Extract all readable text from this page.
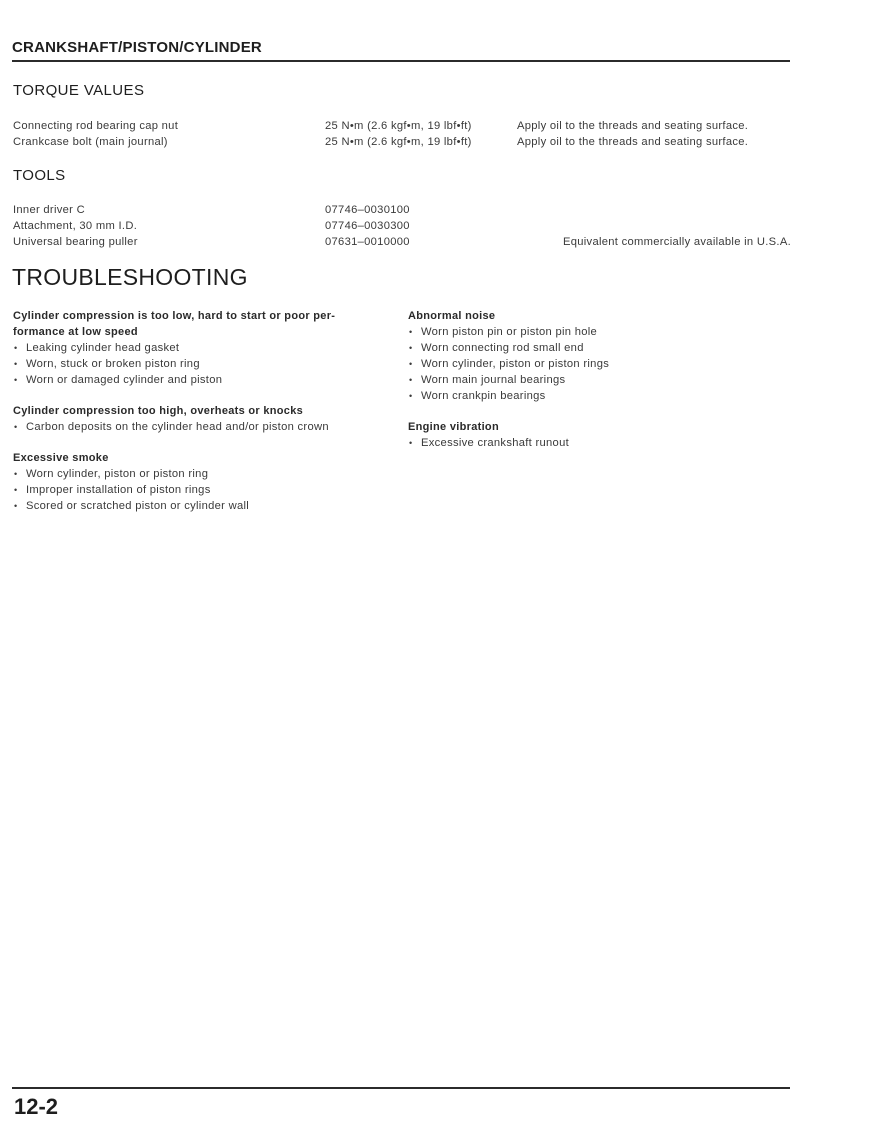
CRANKSHAFT/PISTON/CYLINDER
TORQUE VALUES
Connecting rod bearing cap nut	25 N•m (2.6 kgf•m, 19 lbf•ft)	Apply oil to the threads and seating surface.
Crankcase bolt (main journal)	25 N•m (2.6 kgf•m, 19 lbf•ft)	Apply oil to the threads and seating surface.
TOOLS
Inner driver C	07746–0030100
Attachment, 30 mm I.D.	07746–0030300
Universal bearing puller	07631–0010000	Equivalent commercially available in U.S.A.
TROUBLESHOOTING
Cylinder compression is too low, hard to start or poor per-
formance at low speed
• Leaking cylinder head gasket
• Worn, stuck or broken piston ring
• Worn or damaged cylinder and piston
Cylinder compression too high, overheats or knocks
• Carbon deposits on the cylinder head and/or piston crown
Excessive smoke
• Worn cylinder, piston or piston ring
• Improper installation of piston rings
• Scored or scratched piston or cylinder wall
Abnormal noise
• Worn piston pin or piston pin hole
• Worn connecting rod small end
• Worn cylinder, piston or piston rings
• Worn main journal bearings
• Worn crankpin bearings
Engine vibration
• Excessive crankshaft runout
12-2
